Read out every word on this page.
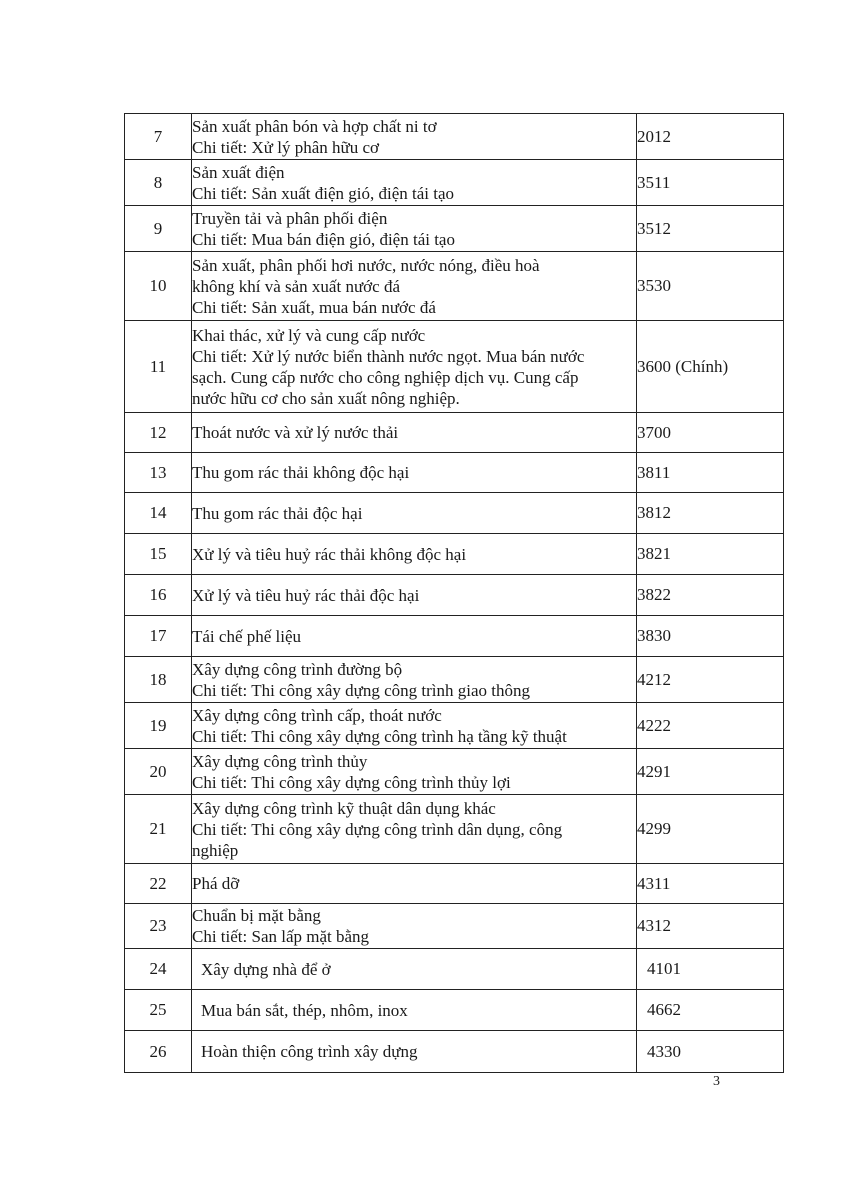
7	Sản xuất phân bón và hợp chất ni tơ
Chi tiết: Xử lý phân hữu cơ	2012
8	Sản xuất điện
Chi tiết: Sản xuất điện gió, điện tái tạo	3511
9	Truyền tải và phân phối điện
Chi tiết: Mua bán điện gió, điện tái tạo	3512
10	Sản xuất, phân phối hơi nước, nước nóng, điều hoà
không khí và sản xuất nước đá
Chi tiết: Sản xuất, mua bán nước đá	3530
11	Khai thác, xử lý và cung cấp nước
Chi tiết: Xử lý nước biển thành nước ngọt. Mua bán nước
sạch. Cung cấp nước cho công nghiệp dịch vụ. Cung cấp
nước hữu cơ cho sản xuất nông nghiệp.	3600 (Chính)
12	Thoát nước và xử lý nước thải	3700
13	Thu gom rác thải không độc hại	3811
14	Thu gom rác thải độc hại	3812
15	Xử lý và tiêu huỷ rác thải không độc hại	3821
16	Xử lý và tiêu huỷ rác thải độc hại	3822
17	Tái chế phế liệu	3830
18	Xây dựng công trình đường bộ
Chi tiết: Thi công xây dựng công trình giao thông	4212
19	Xây dựng công trình cấp, thoát nước
Chi tiết: Thi công xây dựng công trình hạ tầng kỹ thuật	4222
20	Xây dựng công trình thủy
Chi tiết: Thi công xây dựng công trình thủy lợi	4291
21	Xây dựng công trình kỹ thuật dân dụng khác
Chi tiết: Thi công xây dựng công trình dân dụng, công
nghiệp	4299
22	Phá dỡ	4311
23	Chuẩn bị mặt bằng
Chi tiết: San lấp mặt bằng	4312
24	Xây dựng nhà để ở	4101
25	Mua bán sắt, thép, nhôm, inox	4662
26	Hoàn thiện công trình xây dựng	4330
3
